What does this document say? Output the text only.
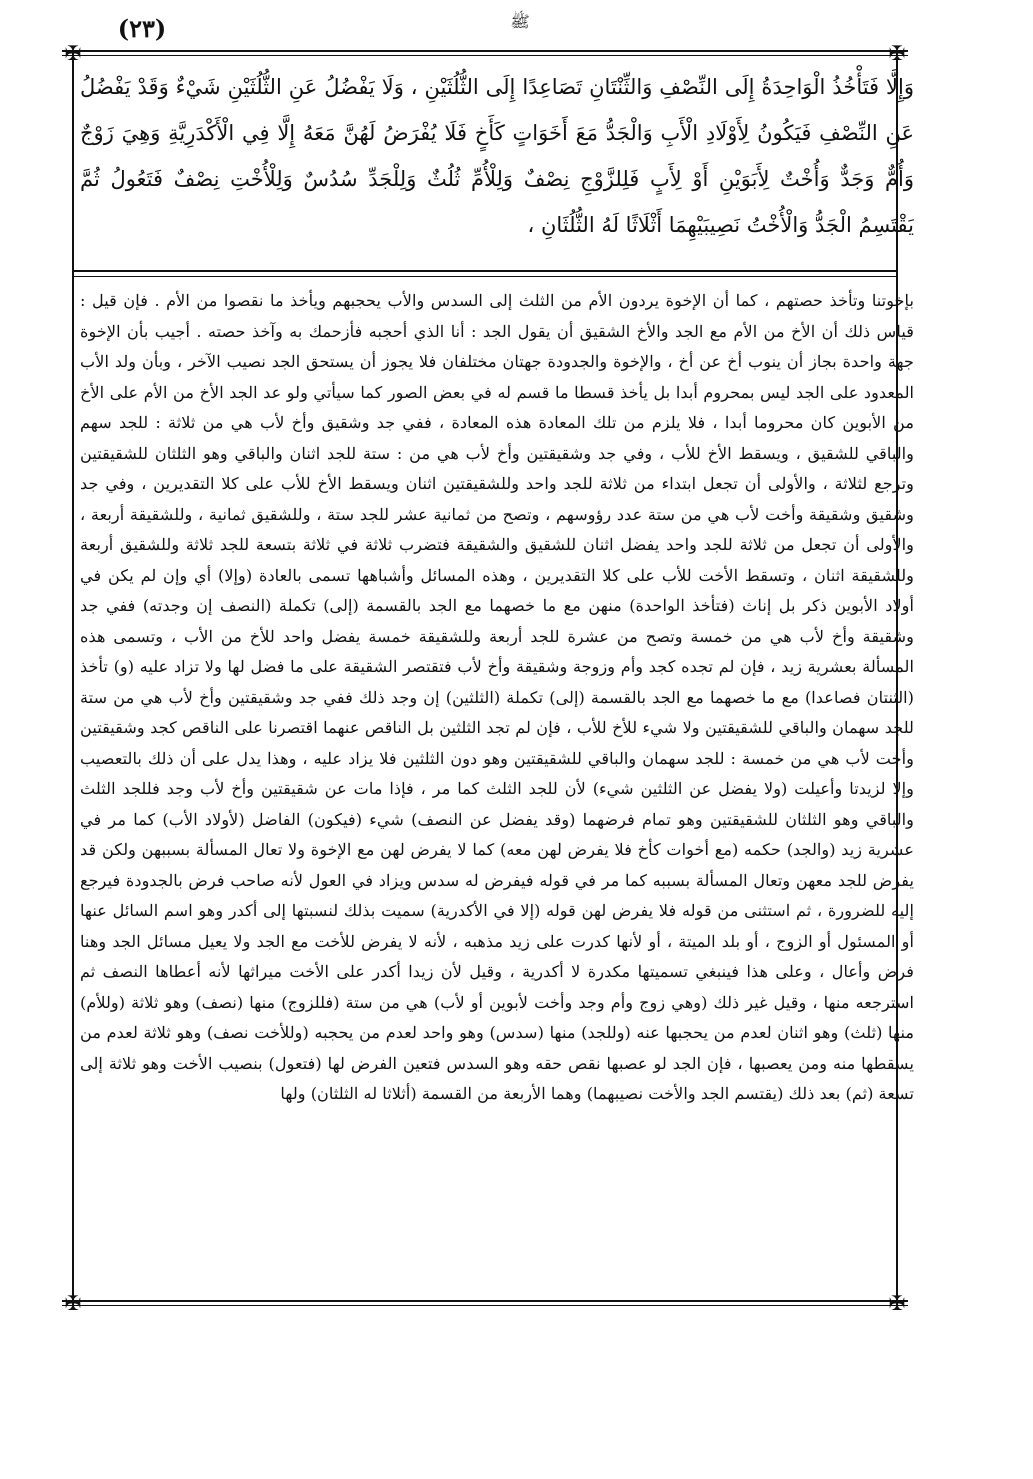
(٢٣)	ﷺ
✠	✠
✠	✠

وَإِلَّا فَتَأْخُذُ الْوَاحِدَةُ إِلَى النِّصْفِ وَالثِّنْتَانِ تَصَاعِدًا إِلَى الثُّلُثَيْنِ ، وَلَا يَفْضُلُ عَنِ الثُّلُثَيْنِ شَيْءٌ وَقَدْ يَفْضُلُ عَنِ النِّصْفِ فَيَكُونُ لِأَوْلَادِ الْأَبِ وَالْجَدُّ مَعَ أَخَوَاتٍ كَأَخٍ فَلَا يُفْرَضُ لَهُنَّ مَعَهُ إِلَّا فِي الْأَكْدَرِيَّةِ وَهِيَ زَوْجٌ وَأُمٌّ وَجَدٌّ وَأُخْتٌ لِأَبَوَيْنِ أَوْ لِأَبٍ فَلِلزَّوْجِ نِصْفٌ وَلِلْأُمِّ ثُلُثٌ وَلِلْجَدِّ سُدُسٌ وَلِلْأُخْتِ نِصْفٌ فَتَعُولُ ثُمَّ يَقْتَسِمُ الْجَدُّ وَالْأُخْتُ نَصِيبَيْهِمَا أَثْلَاثًا لَهُ الثُّلُثَانِ ،

بإخوتنا وتأخذ حصتهم ، كما أن الإخوة يردون الأم من الثلث إلى السدس والأب يحجبهم ويأخذ ما نقصوا من الأم . فإن قيل : قياس ذلك أن الأخ من الأم مع الجد والأخ الشقيق أن يقول الجد : أنا الذي أحجبه فأزحمك به وآخذ حصته . أجيب بأن الإخوة جهة واحدة بجاز أن ينوب أخ عن أخ ، والإخوة والجدودة جهتان مختلفان فلا يجوز أن يستحق الجد نصيب الآخر ، وبأن ولد الأب المعدود على الجد ليس بمحروم أبدا بل يأخذ قسطا ما قسم له في بعض الصور كما سيأتي ولو عد الجد الأخ من الأم على الأخ من الأبوين كان محروما أبدا ، فلا يلزم من تلك المعادة هذه المعادة ، ففي جد وشقيق وأخ لأب هي من ثلاثة : للجد سهم والباقي للشقيق ، ويسقط الأخ للأب ، وفي جد وشقيقتين وأخ لأب هي من : ستة للجد اثنان والباقي وهو الثلثان للشقيقتين وترجع لثلاثة ، والأولى أن تجعل ابتداء من ثلاثة للجد واحد وللشقيقتين اثنان ويسقط الأخ للأب على كلا التقديرين ، وفي جد وشقيق وشقيقة وأخت لأب هي من ستة عدد رؤوسهم ، وتصح من ثمانية عشر للجد ستة ، وللشقيق ثمانية ، وللشقيقة أربعة ، والأولى أن تجعل من ثلاثة للجد واحد يفضل اثنان للشقيق والشقيقة فتضرب ثلاثة في ثلاثة بتسعة للجد ثلاثة وللشقيق أربعة وللشقيقة اثنان ، وتسقط الأخت للأب على كلا التقديرين ، وهذه المسائل وأشباهها تسمى بالعادة (وإلا) أي وإن لم يكن في أولاد الأبوين ذكر بل إناث (فتأخذ الواحدة) منهن مع ما خصهما مع الجد بالقسمة (إلى) تكملة (النصف إن وجدته) ففي جد وشقيقة وأخ لأب هي من خمسة وتصح من عشرة للجد أربعة وللشقيقة خمسة يفضل واحد للأخ من الأب ، وتسمى هذه المسألة بعشرية زيد ، فإن لم تجده كجد وأم وزوجة وشقيقة وأخ لأب فتقتصر الشقيقة على ما فضل لها ولا تزاد عليه (و) تأخذ (الثنتان فصاعدا) مع ما خصهما مع الجد بالقسمة (إلى) تكملة (الثلثين) إن وجد ذلك ففي جد وشقيقتين وأخ لأب هي من ستة للجد سهمان والباقي للشقيقتين ولا شيء للأخ للأب ، فإن لم تجد الثلثين بل الناقص عنهما اقتصرنا على الناقص كجد وشقيقتين وأخت لأب هي من خمسة : للجد سهمان والباقي للشقيقتين وهو دون الثلثين فلا يزاد عليه ، وهذا يدل على أن ذلك بالتعصيب وإلا لزيدتا وأعيلت (ولا يفضل عن الثلثين شيء) لأن للجد الثلث كما مر ، فإذا مات عن شقيقتين وأخ لأب وجد فللجد الثلث والباقي وهو الثلثان للشقيقتين وهو تمام فرضهما (وقد يفضل عن النصف) شيء (فيكون) الفاضل (لأولاد الأب) كما مر في عشرية زيد (والجد) حكمه (مع أخوات كأخ فلا يفرض لهن معه) كما لا يفرض لهن مع الإخوة ولا تعال المسألة بسببهن ولكن قد يفرض للجد معهن وتعال المسألة بسببه كما مر في قوله فيفرض له سدس ويزاد في العول لأنه صاحب فرض بالجدودة فيرجع إليه للضرورة ، ثم استثنى من قوله فلا يفرض لهن قوله (إلا في الأكدرية) سميت بذلك لنسبتها إلى أكدر وهو اسم السائل عنها أو المسئول أو الزوج ، أو بلد الميتة ، أو لأنها كدرت على زيد مذهبه ، لأنه لا يفرض للأخت مع الجد ولا يعيل مسائل الجد وهنا فرض وأعال ، وعلى هذا فينبغي تسميتها مكدرة لا أكدرية ، وقيل لأن زيدا أكدر على الأخت ميراثها لأنه أعطاها النصف ثم استرجعه منها ، وقيل غير ذلك (وهي زوج وأم وجد وأخت لأبوين أو لأب) هي من ستة (فللزوج) منها (نصف) وهو ثلاثة (وللأم) منها (ثلث) وهو اثنان لعدم من يحجبها عنه (وللجد) منها (سدس) وهو واحد لعدم من يحجبه (وللأخت نصف) وهو ثلاثة لعدم من يسقطها منه ومن يعصبها ، فإن الجد لو عصبها نقص حقه وهو السدس فتعين الفرض لها (فتعول) بنصيب الأخت وهو ثلاثة إلى تسعة (ثم) بعد ذلك (يقتسم الجد والأخت نصيبهما) وهما الأربعة من القسمة (أثلاثا له الثلثان) ولها
